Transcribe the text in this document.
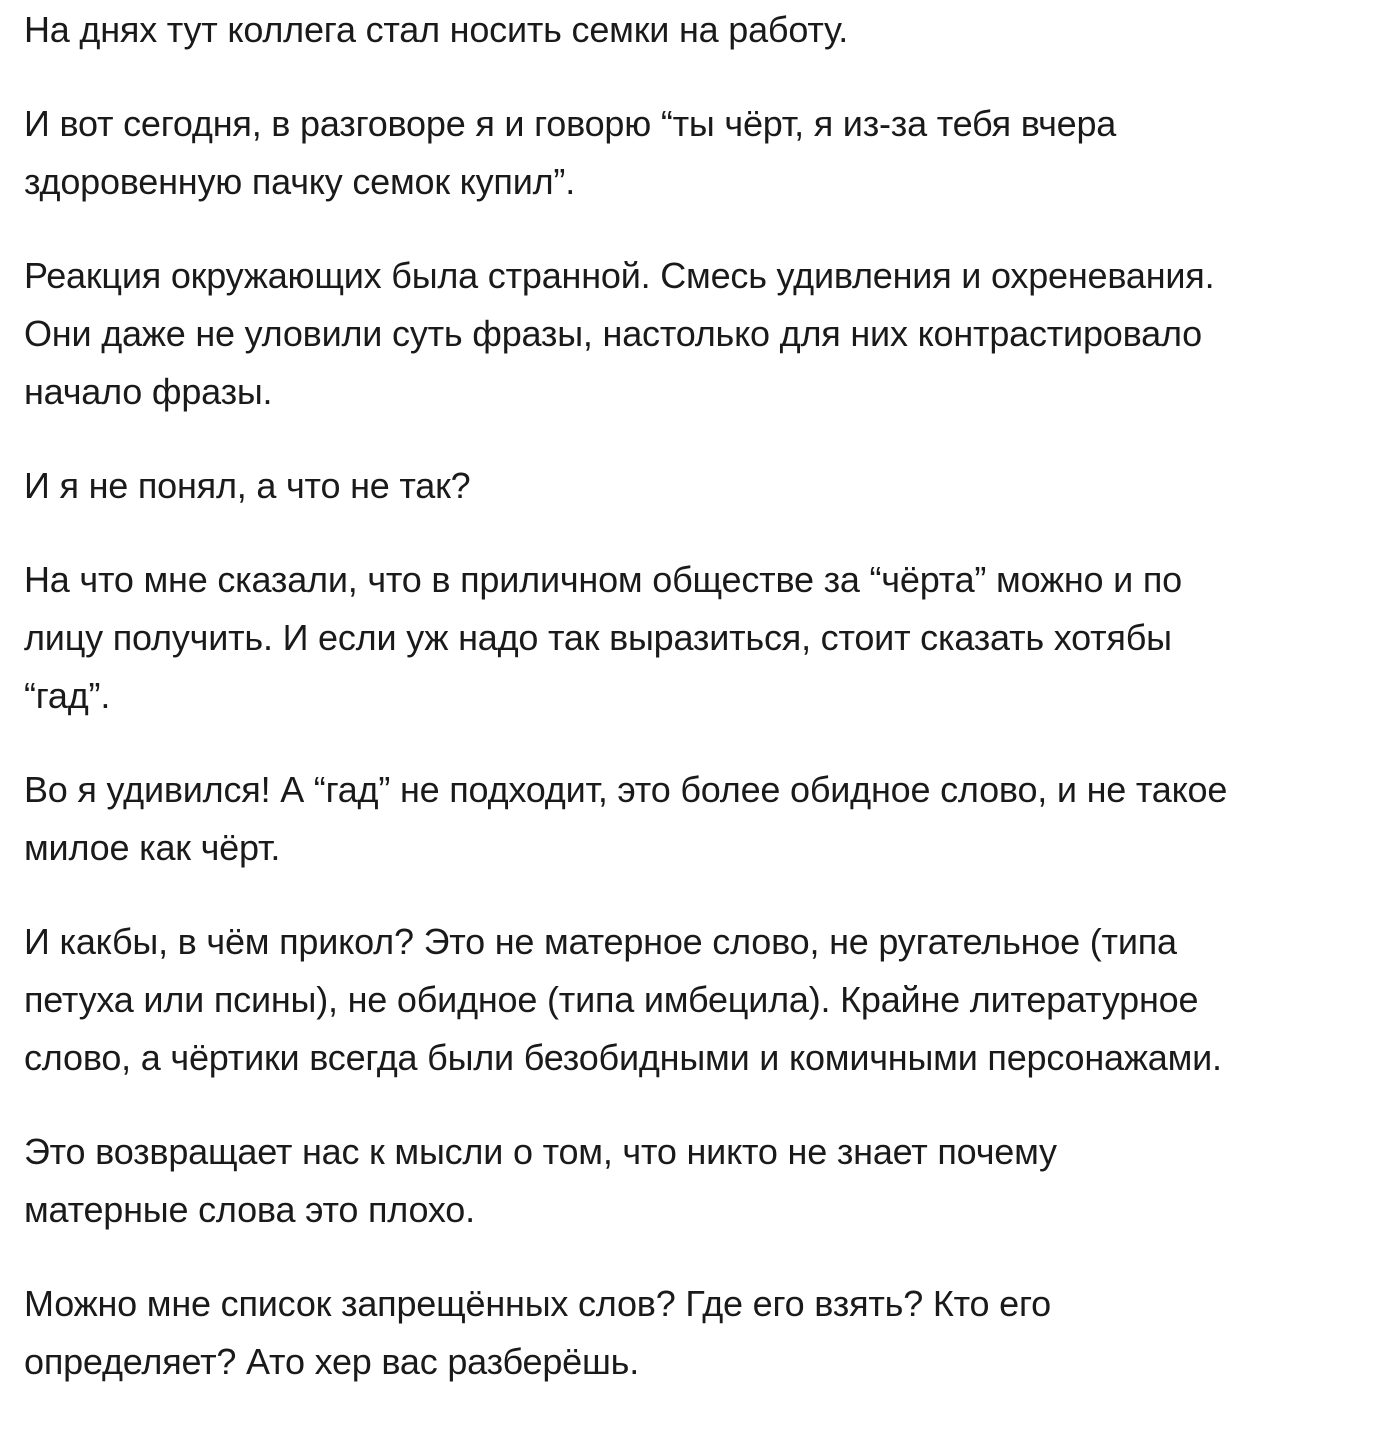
На днях тут коллега стал носить семки на работу.

И вот сегодня, в разговоре я и говорю “ты чёрт, я из-за тебя вчера
здоровенную пачку семок купил”.

Реакция окружающих была странной. Смесь удивления и охреневания.
Они даже не уловили суть фразы, настолько для них контрастировало
начало фразы.

И я не понял, а что не так?

На что мне сказали, что в приличном обществе за “чёрта” можно и по
лицу получить. И если уж надо так выразиться, стоит сказать хотябы
“гад”.

Во я удивился! А “гад” не подходит, это более обидное слово, и не такое
милое как чёрт.

И какбы, в чём прикол? Это не матерное слово, не ругательное (типа
петуха или псины), не обидное (типа имбецила). Крайне литературное
слово, а чёртики всегда были безобидными и комичными персонажами.

Это возвращает нас к мысли о том, что никто не знает почему
матерные слова это плохо.

Можно мне список запрещённых слов? Где его взять? Кто его
определяет? Ато хер вас разберёшь.
